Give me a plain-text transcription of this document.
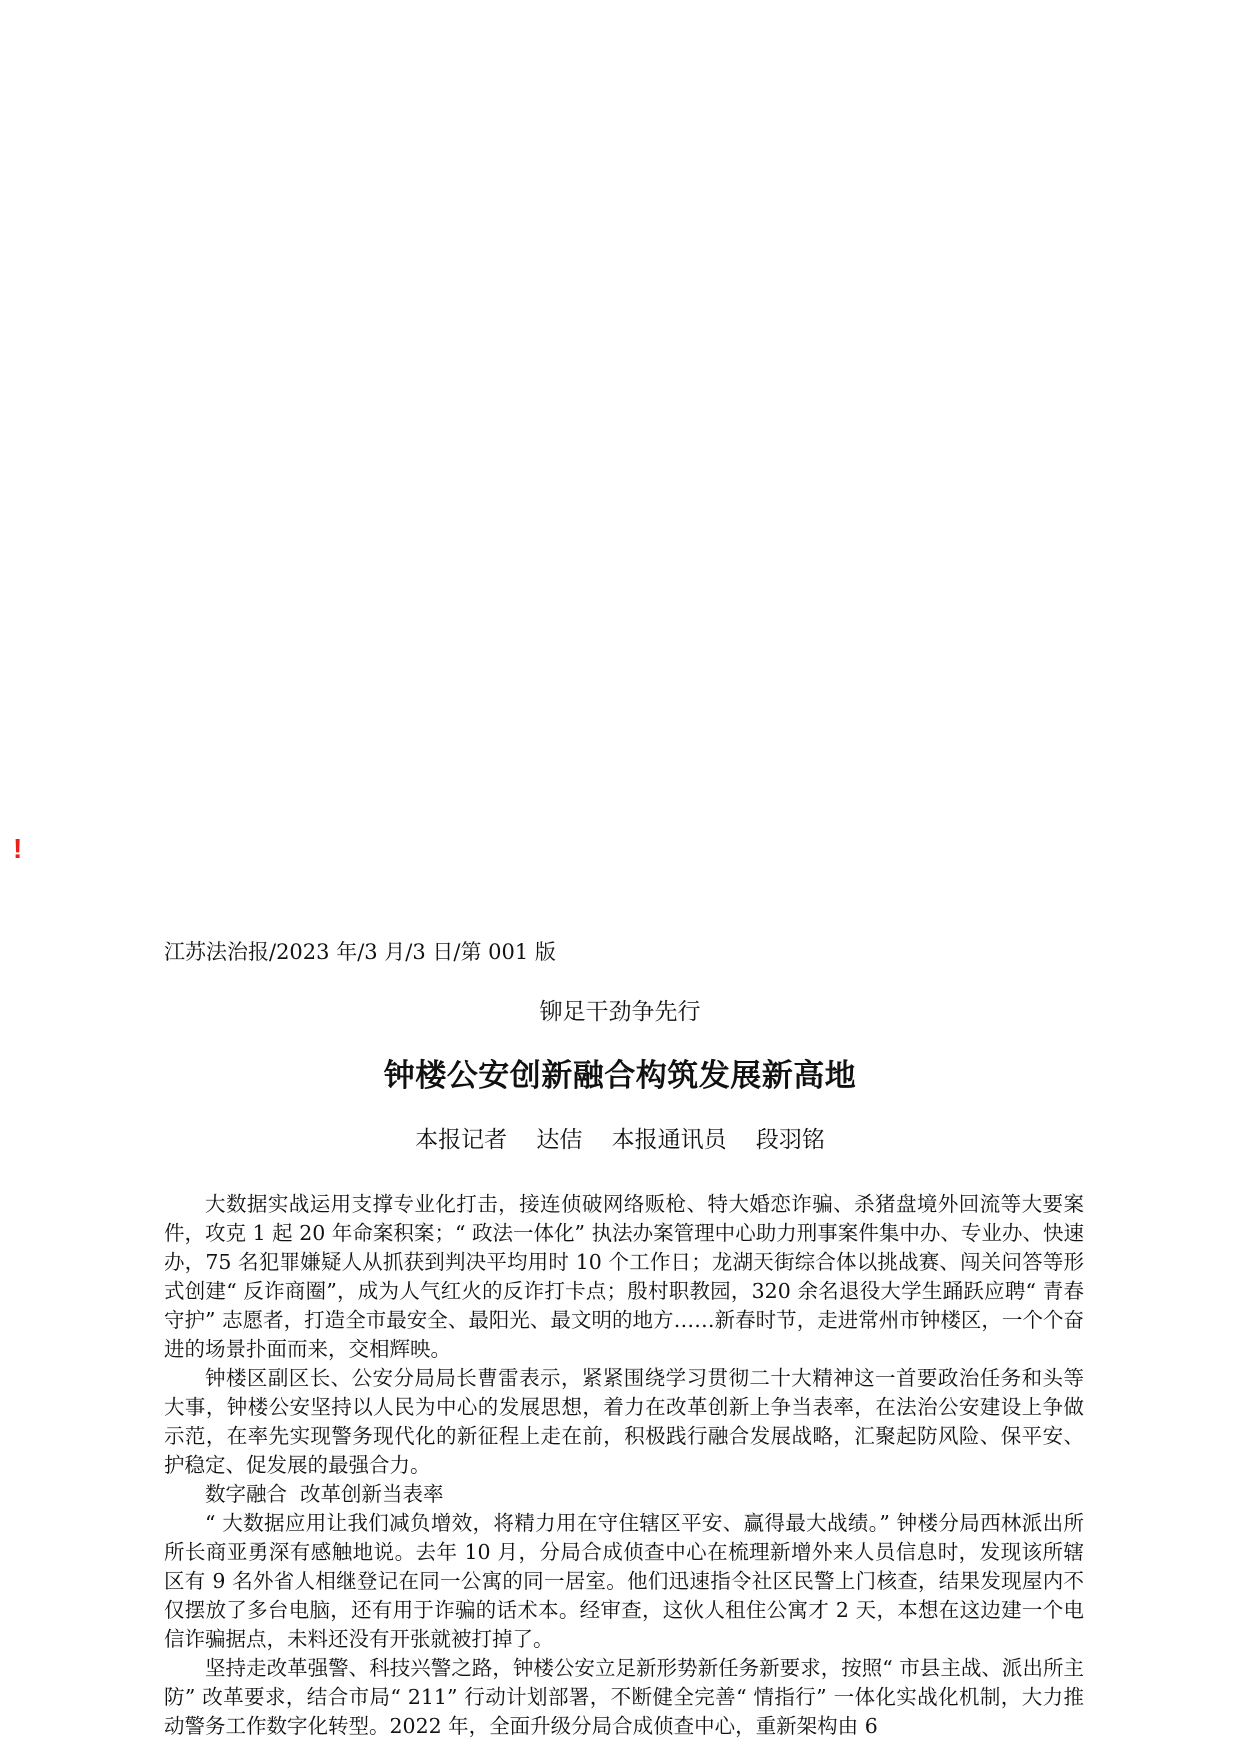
!
江苏法治报/2023 年/3 月/3 日/第 001 版
铆足干劲争先行
钟楼公安创新融合构筑发展新高地
本报记者    达佶    本报通讯员    段羽铭

大数据实战运用支撑专业化打击，接连侦破网络贩枪、特大婚恋诈骗、杀猪盘境外回流等大要案件，攻克 1 起 20 年命案积案；“ 政法一体化” 执法办案管理中心助力刑事案件集中办、专业办、快速办，75 名犯罪嫌疑人从抓获到判决平均用时 10 个工作日；龙湖天街综合体以挑战赛、闯关问答等形式创建“ 反诈商圈”，成为人气红火的反诈打卡点；殷村职教园，320 余名退役大学生踊跃应聘“ 青春守护” 志愿者，打造全市最安全、最阳光、最文明的地方……新春时节，走进常州市钟楼区，一个个奋进的场景扑面而来，交相辉映。

钟楼区副区长、公安分局局长曹雷表示，紧紧围绕学习贯彻二十大精神这一首要政治任务和头等大事，钟楼公安坚持以人民为中心的发展思想，着力在改革创新上争当表率，在法治公安建设上争做示范，在率先实现警务现代化的新征程上走在前，积极践行融合发展战略，汇聚起防风险、保平安、护稳定、促发展的最强合力。

数字融合  改革创新当表率

“ 大数据应用让我们减负增效，将精力用在守住辖区平安、赢得最大战绩。” 钟楼分局西林派出所所长商亚勇深有感触地说。去年 10 月，分局合成侦查中心在梳理新增外来人员信息时，发现该所辖区有 9 名外省人相继登记在同一公寓的同一居室。他们迅速指令社区民警上门核查，结果发现屋内不仅摆放了多台电脑，还有用于诈骗的话术本。经审查，这伙人租住公寓才 2 天，本想在这边建一个电信诈骗据点，未料还没有开张就被打掉了。

坚持走改革强警、科技兴警之路，钟楼公安立足新形势新任务新要求，按照“ 市县主战、派出所主防” 改革要求，结合市局“ 211” 行动计划部署，不断健全完善“ 情指行” 一体化实战化机制，大力推动警务工作数字化转型。2022 年，全面升级分局合成侦查中心，重新架构由 6
